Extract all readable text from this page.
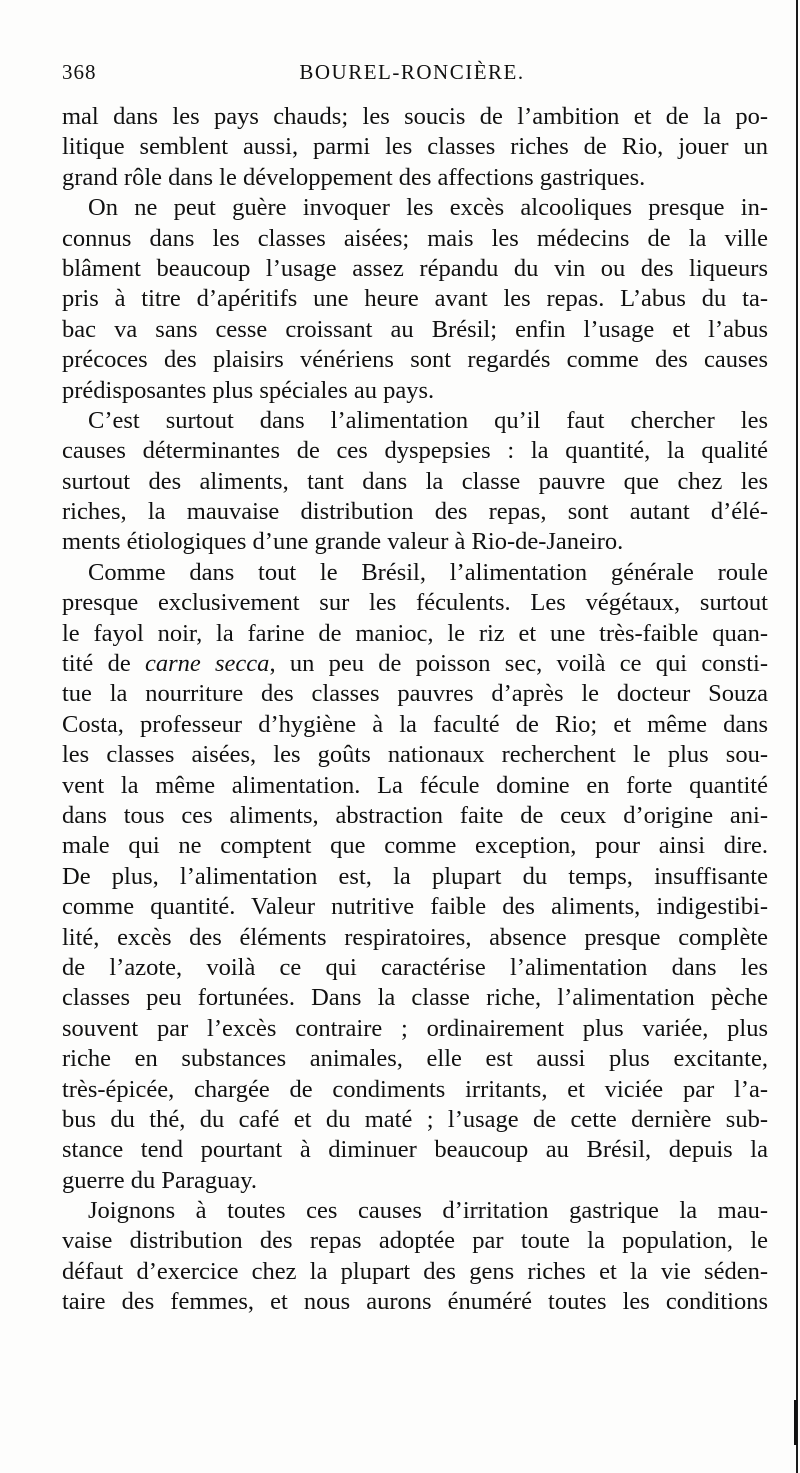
368	BOUREL-RONCIÈRE.
mal dans les pays chauds; les soucis de l’ambition et de la po-
litique semblent aussi, parmi les classes riches de Rio, jouer un
grand rôle dans le développement des affections gastriques.
On ne peut guère invoquer les excès alcooliques presque in-
connus dans les classes aisées; mais les médecins de la ville
blâment beaucoup l’usage assez répandu du vin ou des liqueurs
pris à titre d’apéritifs une heure avant les repas. L’abus du ta-
bac va sans cesse croissant au Brésil; enfin l’usage et l’abus
précoces des plaisirs vénériens sont regardés comme des causes
prédisposantes plus spéciales au pays.
C’est surtout dans l’alimentation qu’il faut chercher les
causes déterminantes de ces dyspepsies : la quantité, la qualité
surtout des aliments, tant dans la classe pauvre que chez les
riches, la mauvaise distribution des repas, sont autant d’élé-
ments étiologiques d’une grande valeur à Rio-de-Janeiro.
Comme dans tout le Brésil, l’alimentation générale roule
presque exclusivement sur les féculents. Les végétaux, surtout
le fayol noir, la farine de manioc, le riz et une très-faible quan-
tité de carne secca, un peu de poisson sec, voilà ce qui consti-
tue la nourriture des classes pauvres d’après le docteur Souza
Costa, professeur d’hygiène à la faculté de Rio; et même dans
les classes aisées, les goûts nationaux recherchent le plus sou-
vent la même alimentation. La fécule domine en forte quantité
dans tous ces aliments, abstraction faite de ceux d’origine ani-
male qui ne comptent que comme exception, pour ainsi dire.
De plus, l’alimentation est, la plupart du temps, insuffisante
comme quantité. Valeur nutritive faible des aliments, indigestibi-
lité, excès des éléments respiratoires, absence presque complète
de l’azote, voilà ce qui caractérise l’alimentation dans les
classes peu fortunées. Dans la classe riche, l’alimentation pèche
souvent par l’excès contraire ; ordinairement plus variée, plus
riche en substances animales, elle est aussi plus excitante,
très-épicée, chargée de condiments irritants, et viciée par l’a-
bus du thé, du café et du maté ; l’usage de cette dernière sub-
stance tend pourtant à diminuer beaucoup au Brésil, depuis la
guerre du Paraguay.
Joignons à toutes ces causes d’irritation gastrique la mau-
vaise distribution des repas adoptée par toute la population, le
défaut d’exercice chez la plupart des gens riches et la vie séden-
taire des femmes, et nous aurons énuméré toutes les conditions
